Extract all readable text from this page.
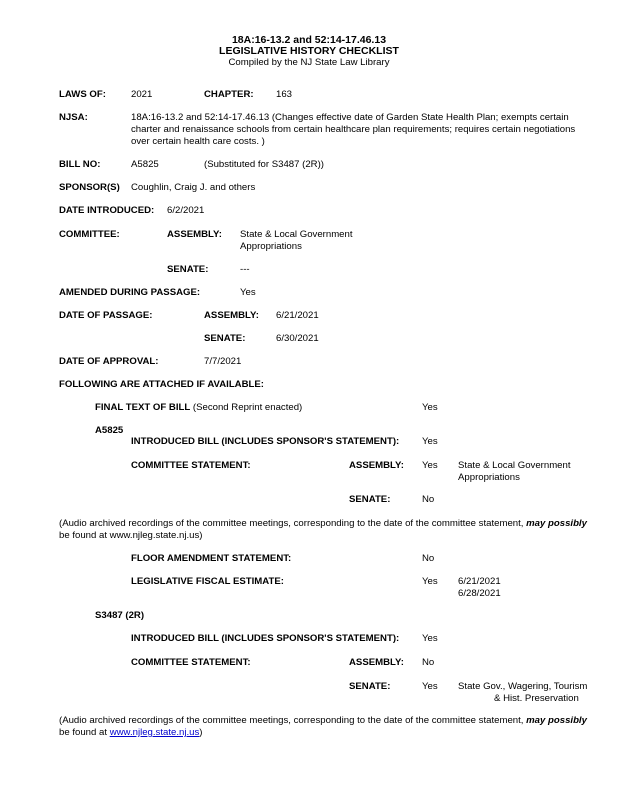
18A:16-13.2 and 52:14-17.46.13
LEGISLATIVE HISTORY CHECKLIST
Compiled by the NJ State Law Library
LAWS OF:	2021	CHAPTER: 163
NJSA:	18A:16-13.2 and 52:14-17.46.13 (Changes effective date of Garden State Health Plan; exempts certain
charter and renaissance schools from certain healthcare plan requirements; requires certain negotiations
over certain health care costs. )
BILL NO:	A5825	(Substituted for S3487 (2R))
SPONSOR(S) Coughlin, Craig J. and others
DATE INTRODUCED: 6/2/2021
COMMITTEE:	ASSEMBLY: State & Local Government
Appropriations
SENATE:	---
AMENDED DURING PASSAGE:	Yes
DATE OF PASSAGE:	ASSEMBLY: 6/21/2021
SENATE:	6/30/2021
DATE OF APPROVAL:	7/7/2021
FOLLOWING ARE ATTACHED IF AVAILABLE:
FINAL TEXT OF BILL (Second Reprint enacted)	Yes
A5825
INTRODUCED BILL (INCLUDES SPONSOR'S STATEMENT): Yes
COMMITTEE STATEMENT:	ASSEMBLY: Yes State & Local Government
Appropriations
SENATE:	No
(Audio archived recordings of the committee meetings, corresponding to the date of the committee statement, may possibly
be found at www.njleg.state.nj.us)
FLOOR AMENDMENT STATEMENT:	No
LEGISLATIVE FISCAL ESTIMATE:	Yes 6/21/2021
6/28/2021
S3487 (2R)
INTRODUCED BILL (INCLUDES SPONSOR'S STATEMENT): Yes
COMMITTEE STATEMENT:	ASSEMBLY: No
SENATE:	Yes State Gov., Wagering, Tourism
& Hist. Preservation
(Audio archived recordings of the committee meetings, corresponding to the date of the committee statement, may possibly
be found at www.njleg.state.nj.us)
